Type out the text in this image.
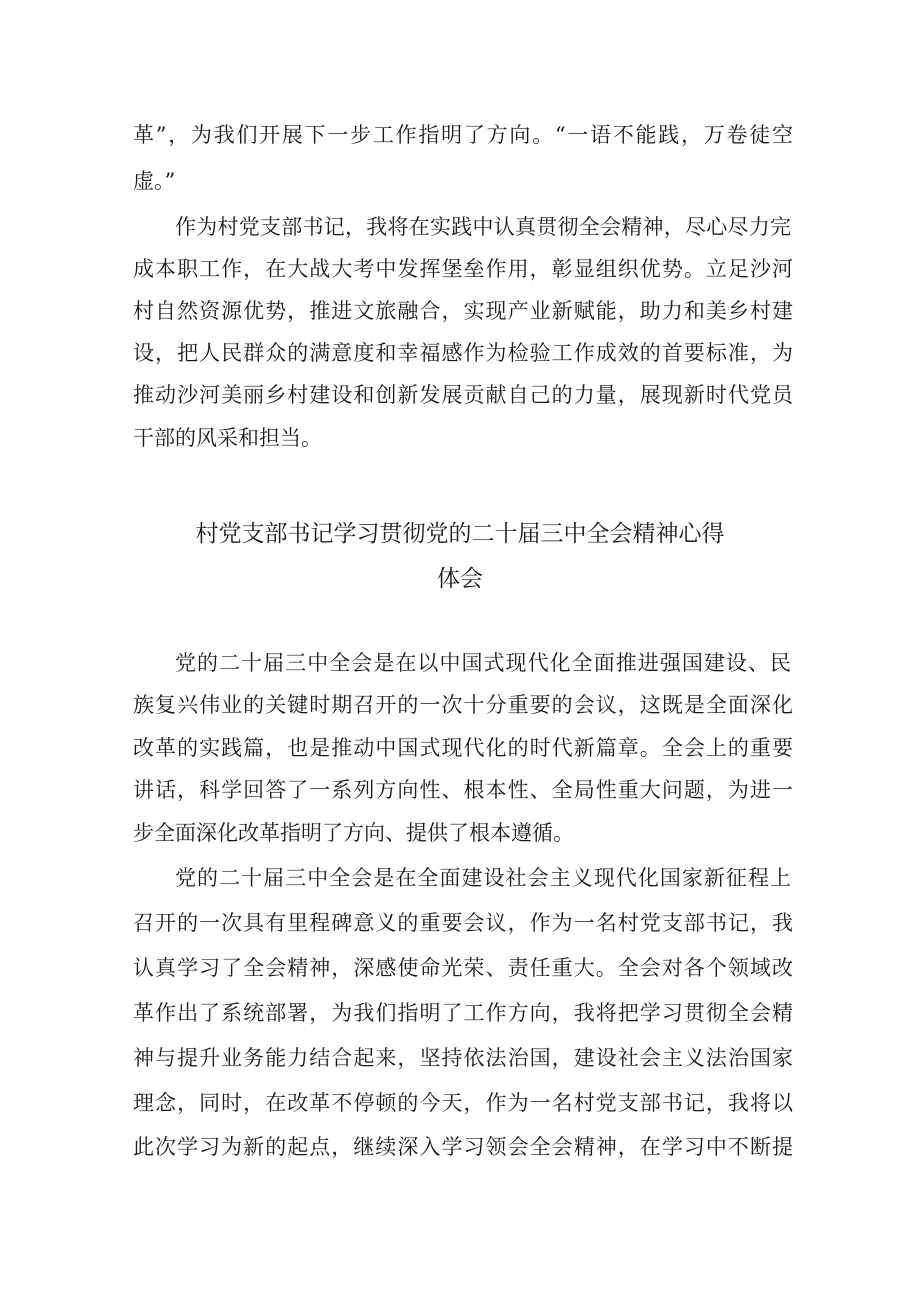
革”，为我们开展下一步工作指明了方向。“一语不能践，万卷徒空
虚。”
作为村党支部书记，我将在实践中认真贯彻全会精神，尽心尽力完
成本职工作，在大战大考中发挥堡垒作用，彰显组织优势。立足沙河
村自然资源优势，推进文旅融合，实现产业新赋能，助力和美乡村建
设，把人民群众的满意度和幸福感作为检验工作成效的首要标准，为
推动沙河美丽乡村建设和创新发展贡献自己的力量，展现新时代党员
干部的风采和担当。
村党支部书记学习贯彻党的二十届三中全会精神心得
体会
党的二十届三中全会是在以中国式现代化全面推进强国建设、民
族复兴伟业的关键时期召开的一次十分重要的会议，这既是全面深化
改革的实践篇，也是推动中国式现代化的时代新篇章。全会上的重要
讲话，科学回答了一系列方向性、根本性、全局性重大问题，为进一
步全面深化改革指明了方向、提供了根本遵循。
党的二十届三中全会是在全面建设社会主义现代化国家新征程上
召开的一次具有里程碑意义的重要会议，作为一名村党支部书记，我
认真学习了全会精神，深感使命光荣、责任重大。全会对各个领域改
革作出了系统部署，为我们指明了工作方向，我将把学习贯彻全会精
神与提升业务能力结合起来，坚持依法治国，建设社会主义法治国家
理念，同时，在改革不停顿的今天，作为一名村党支部书记，我将以
此次学习为新的起点，继续深入学习领会全会精神，在学习中不断提
